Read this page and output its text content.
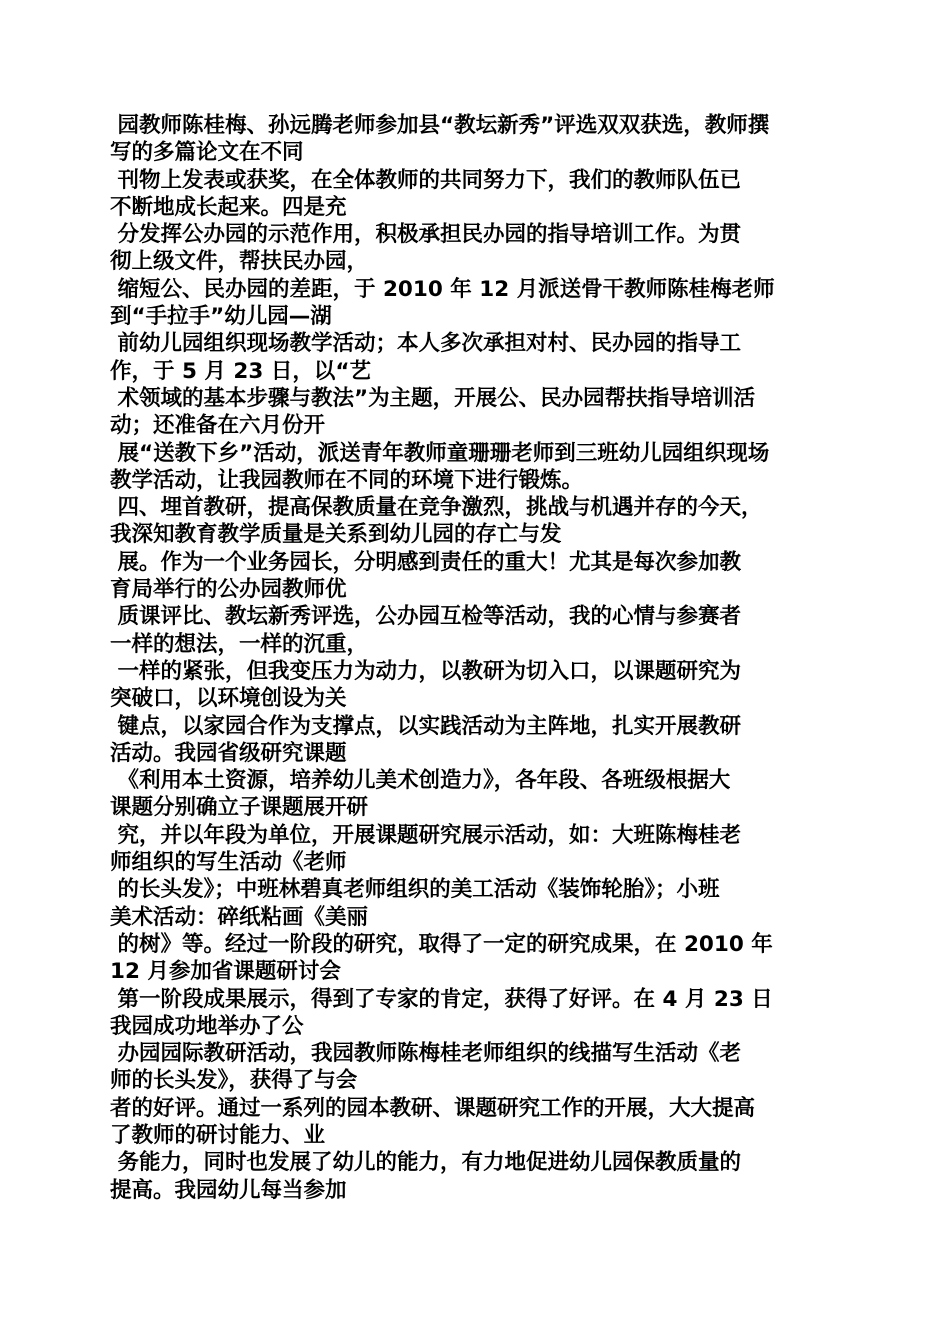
园教师陈桂梅、孙远腾老师参加县“教坛新秀”评选双双获选，教师撰
写的多篇论文在不同
刊物上发表或获奖，在全体教师的共同努力下，我们的教师队伍已
不断地成长起来。四是充
分发挥公办园的示范作用，积极承担民办园的指导培训工作。为贯
彻上级文件，帮扶民办园，
缩短公、民办园的差距，于 2010 年 12 月派送骨干教师陈桂梅老师
到“手拉手”幼儿园—湖
前幼儿园组织现场教学活动；本人多次承担对村、民办园的指导工
作，于 5 月 23 日，以“艺
术领域的基本步骤与教法”为主题，开展公、民办园帮扶指导培训活
动；还准备在六月份开
展“送教下乡”活动，派送青年教师童珊珊老师到三班幼儿园组织现场
教学活动，让我园教师在不同的环境下进行锻炼。
四、埋首教研，提高保教质量在竞争激烈，挑战与机遇并存的今天，
我深知教育教学质量是关系到幼儿园的存亡与发
展。作为一个业务园长，分明感到责任的重大！尤其是每次参加教
育局举行的公办园教师优
质课评比、教坛新秀评选，公办园互检等活动，我的心情与参赛者
一样的想法，一样的沉重，
一样的紧张，但我变压力为动力，以教研为切入口，以课题研究为
突破口，以环境创设为关
键点，以家园合作为支撑点，以实践活动为主阵地，扎实开展教研
活动。我园省级研究课题
《利用本土资源，培养幼儿美术创造力》，各年段、各班级根据大
课题分别确立子课题展开研
究，并以年段为单位，开展课题研究展示活动，如：大班陈梅桂老
师组织的写生活动《老师
的长头发》；中班林碧真老师组织的美工活动《装饰轮胎》；小班
美术活动：碎纸粘画《美丽
的树》等。经过一阶段的研究，取得了一定的研究成果，在 2010 年
12 月参加省课题研讨会
第一阶段成果展示，得到了专家的肯定，获得了好评。在 4 月 23 日
我园成功地举办了公
办园园际教研活动，我园教师陈梅桂老师组织的线描写生活动《老
师的长头发》，获得了与会
者的好评。通过一系列的园本教研、课题研究工作的开展，大大提高
了教师的研讨能力、业
务能力，同时也发展了幼儿的能力，有力地促进幼儿园保教质量的
提高。我园幼儿每当参加
